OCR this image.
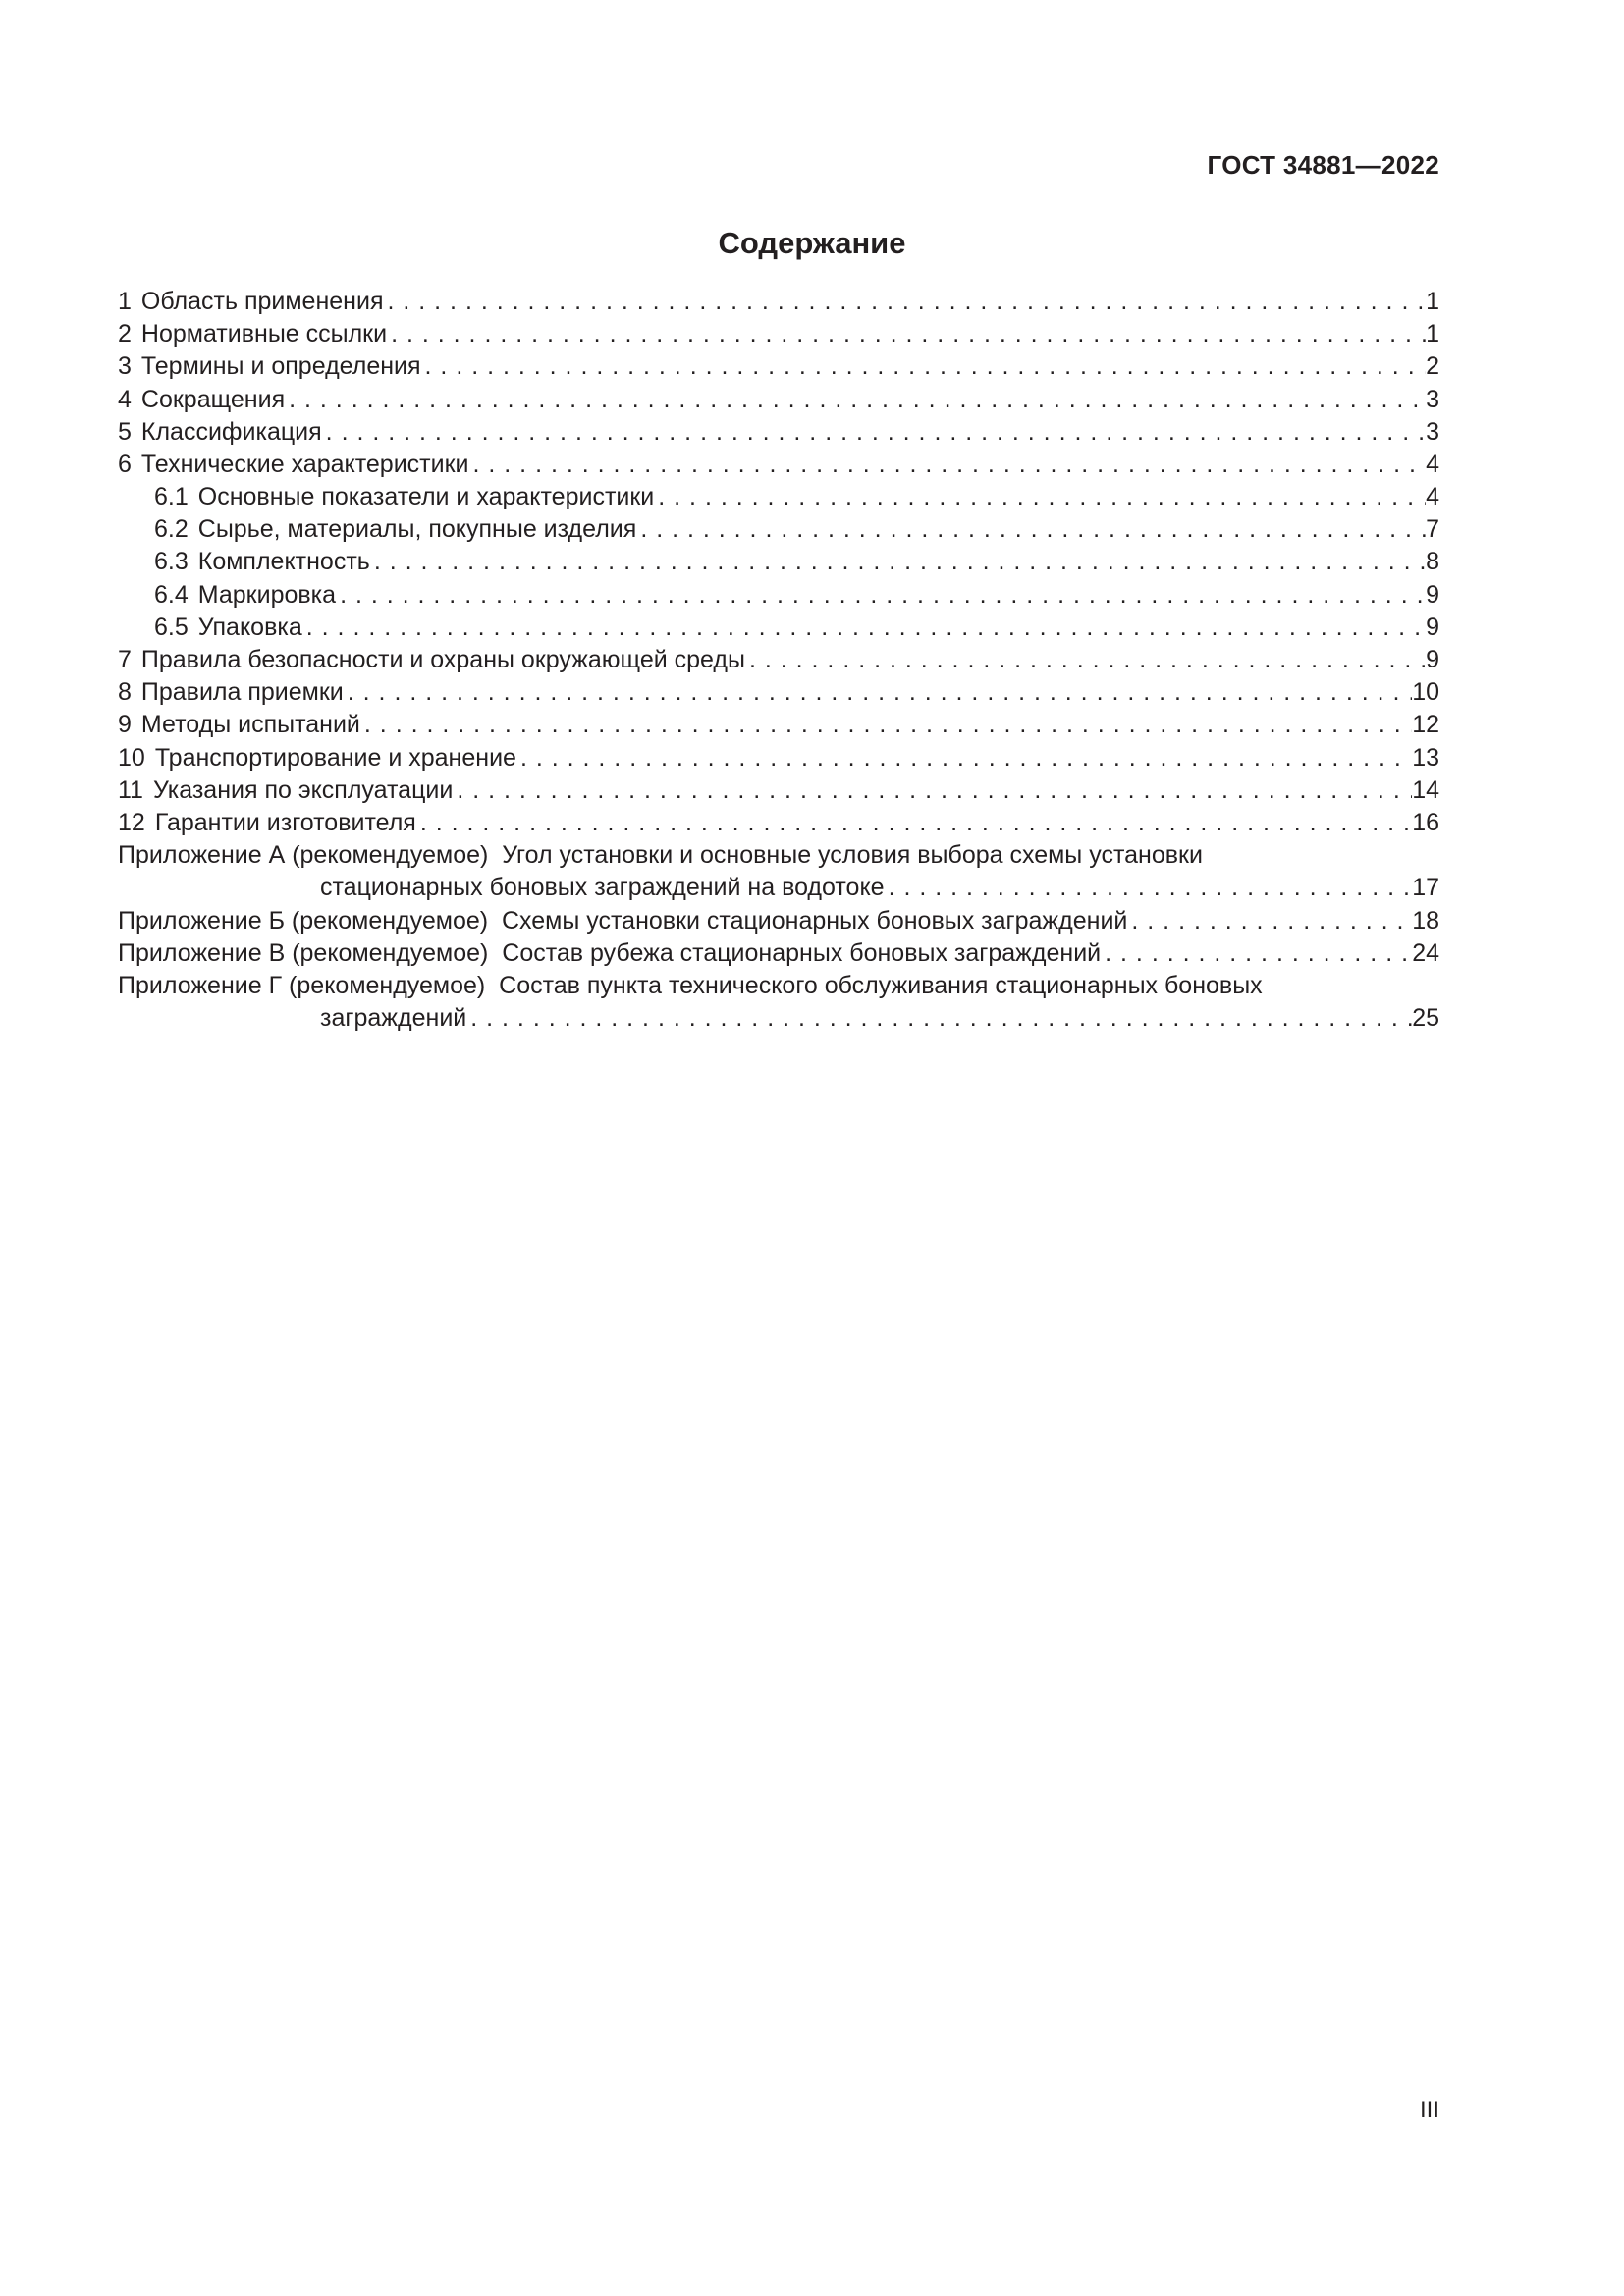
ГОСТ 34881—2022
Содержание
1 Область применения . . .	1
2 Нормативные ссылки . . .	1
3 Термины и определения . . .	2
4 Сокращения . . .	3
5 Классификация . . .	3
6 Технические характеристики . . .	4
6.1 Основные показатели и характеристики . . .	4
6.2 Сырье, материалы, покупные изделия . . .	7
6.3 Комплектность . . .	8
6.4 Маркировка . . .	9
6.5 Упаковка . . .	9
7 Правила безопасности и охраны окружающей среды . . .	9
8 Правила приемки . . .	10
9 Методы испытаний . . .	12
10 Транспортирование и хранение . . .	13
11 Указания по эксплуатации . . .	14
12 Гарантии изготовителя . . .	16
Приложение А (рекомендуемое)  Угол установки и основные условия выбора схемы установки
стационарных боновых заграждений на водотоке . . .	17
Приложение Б (рекомендуемое)  Схемы установки стационарных боновых заграждений . . .	18
Приложение В (рекомендуемое)  Состав рубежа стационарных боновых заграждений . . .	24
Приложение Г (рекомендуемое)  Состав пункта технического обслуживания стационарных боновых
заграждений . . .	25
III
